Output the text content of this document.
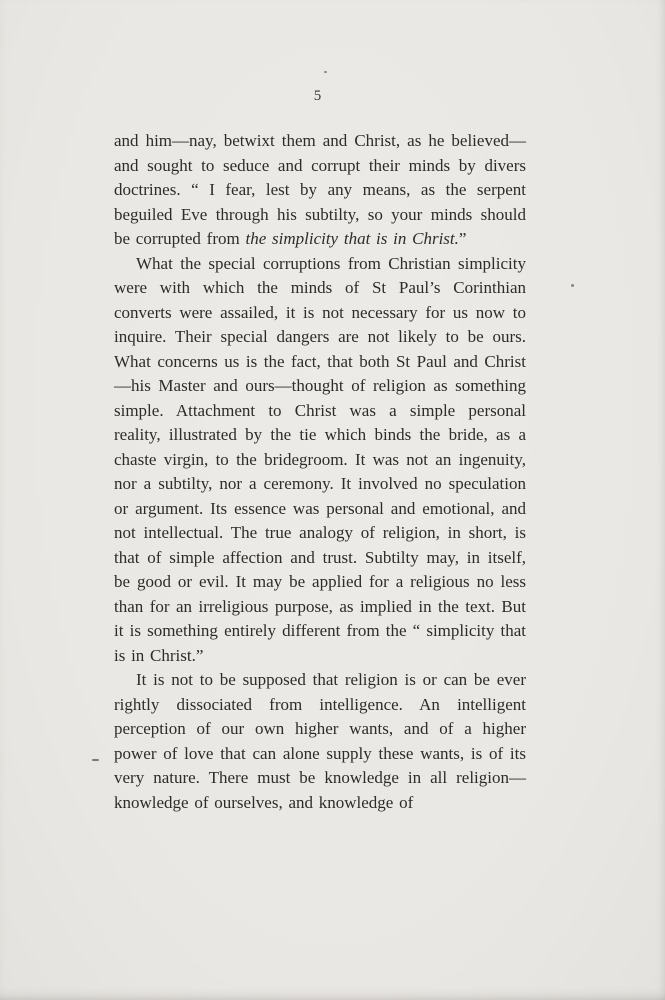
5

and him—nay, betwixt them and Christ, as he believed—and sought to seduce and corrupt their minds by divers doctrines. “ I fear, lest by any means, as the serpent beguiled Eve through his subtilty, so your minds should be corrupted from the simplicity that is in Christ.”

What the special corruptions from Christian simplicity were with which the minds of St Paul’s Corinthian converts were assailed, it is not necessary for us now to inquire. Their special dangers are not likely to be ours. What concerns us is the fact, that both St Paul and Christ—his Master and ours—thought of religion as something simple. Attachment to Christ was a simple personal reality, illustrated by the tie which binds the bride, as a chaste virgin, to the bridegroom. It was not an ingenuity, nor a subtilty, nor a ceremony. It involved no speculation or argument. Its essence was personal and emotional, and not intellectual. The true analogy of religion, in short, is that of simple affection and trust. Subtilty may, in itself, be good or evil. It may be applied for a religious no less than for an irreligious purpose, as implied in the text. But it is something entirely different from the “ simplicity that is in Christ.”

It is not to be supposed that religion is or can be ever rightly dissociated from intelligence. An intelligent perception of our own higher wants, and of a higher power of love that can alone supply these wants, is of its very nature. There must be knowledge in all religion—knowledge of ourselves, and knowledge of
